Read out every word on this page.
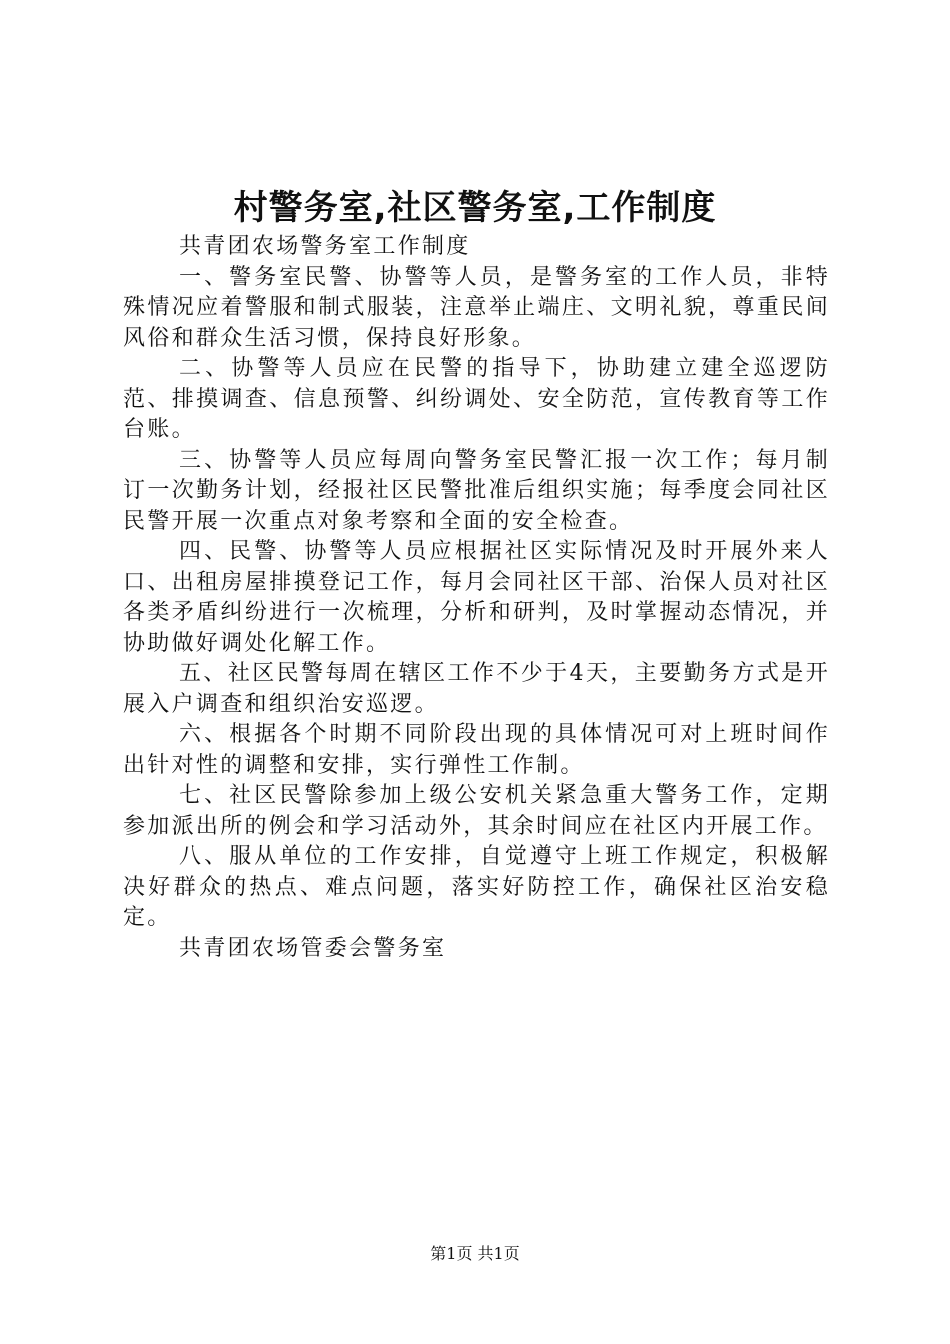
村警务室,社区警务室,工作制度

共青团农场警务室工作制度

一、警务室民警、协警等人员，是警务室的工作人员，非特殊情况应着警服和制式服装，注意举止端庄、文明礼貌，尊重民间风俗和群众生活习惯，保持良好形象。

二、协警等人员应在民警的指导下，协助建立建全巡逻防范、排摸调查、信息预警、纠纷调处、安全防范，宣传教育等工作台账。

三、协警等人员应每周向警务室民警汇报一次工作；每月制订一次勤务计划，经报社区民警批准后组织实施；每季度会同社区民警开展一次重点对象考察和全面的安全检查。

四、民警、协警等人员应根据社区实际情况及时开展外来人口、出租房屋排摸登记工作，每月会同社区干部、治保人员对社区各类矛盾纠纷进行一次梳理，分析和研判，及时掌握动态情况，并协助做好调处化解工作。

五、社区民警每周在辖区工作不少于4天，主要勤务方式是开展入户调查和组织治安巡逻。

六、根据各个时期不同阶段出现的具体情况可对上班时间作出针对性的调整和安排，实行弹性工作制。

七、社区民警除参加上级公安机关紧急重大警务工作，定期参加派出所的例会和学习活动外，其余时间应在社区内开展工作。

八、服从单位的工作安排，自觉遵守上班工作规定，积极解决好群众的热点、难点问题，落实好防控工作，确保社区治安稳定。

共青团农场管委会警务室

第1页 共1页
